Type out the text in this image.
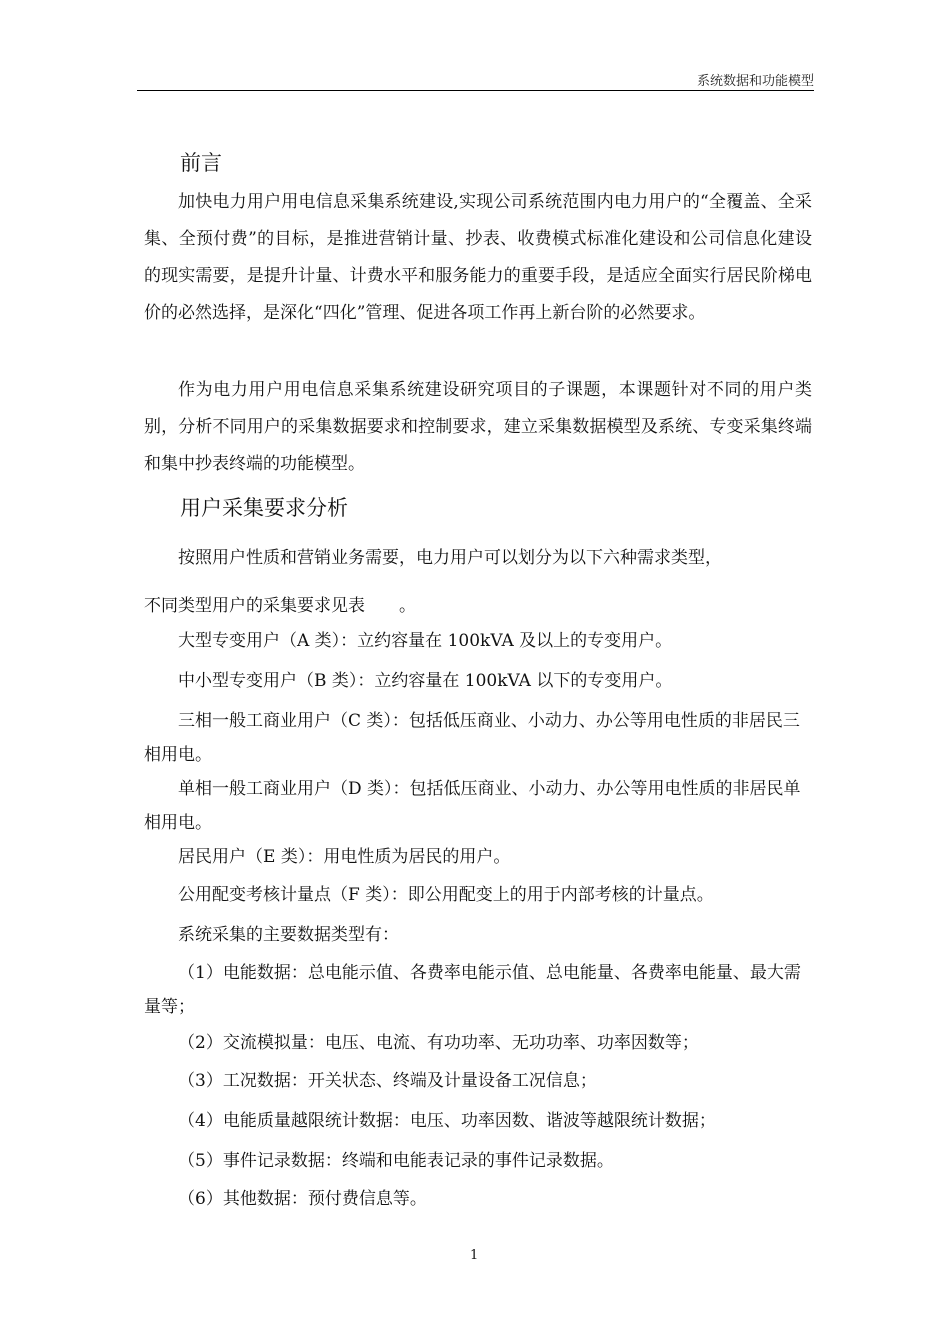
系统数据和功能模型
前言

加快电力用户用电信息采集系统建设,实现公司系统范围内电力用户的“全覆盖、全采集、全预付费”的目标，是推进营销计量、抄表、收费模式标准化建设和公司信息化建设的现实需要，是提升计量、计费水平和服务能力的重要手段，是适应全面实行居民阶梯电价的必然选择，是深化“四化”管理、促进各项工作再上新台阶的必然要求。

作为电力用户用电信息采集系统建设研究项目的子课题，本课题针对不同的用户类别，分析不同用户的采集数据要求和控制要求，建立采集数据模型及系统、专变采集终端和集中抄表终端的功能模型。

用户采集要求分析

按照用户性质和营销业务需要，电力用户可以划分为以下六种需求类型，

不同类型用户的采集要求见表　　。

大型专变用户（A 类）：立约容量在 100kVA 及以上的专变用户。

中小型专变用户（B 类）：立约容量在 100kVA 以下的专变用户。

三相一般工商业用户（C 类）：包括低压商业、小动力、办公等用电性质的非居民三相用电。

单相一般工商业用户（D 类）：包括低压商业、小动力、办公等用电性质的非居民单相用电。

居民用户（E 类）：用电性质为居民的用户。

公用配变考核计量点（F 类）：即公用配变上的用于内部考核的计量点。

系统采集的主要数据类型有：

（1）电能数据：总电能示值、各费率电能示值、总电能量、各费率电能量、最大需量等；

（2）交流模拟量：电压、电流、有功功率、无功功率、功率因数等；

（3）工况数据：开关状态、终端及计量设备工况信息；

（4）电能质量越限统计数据：电压、功率因数、谐波等越限统计数据；

（5）事件记录数据：终端和电能表记录的事件记录数据。

（6）其他数据：预付费信息等。

1
